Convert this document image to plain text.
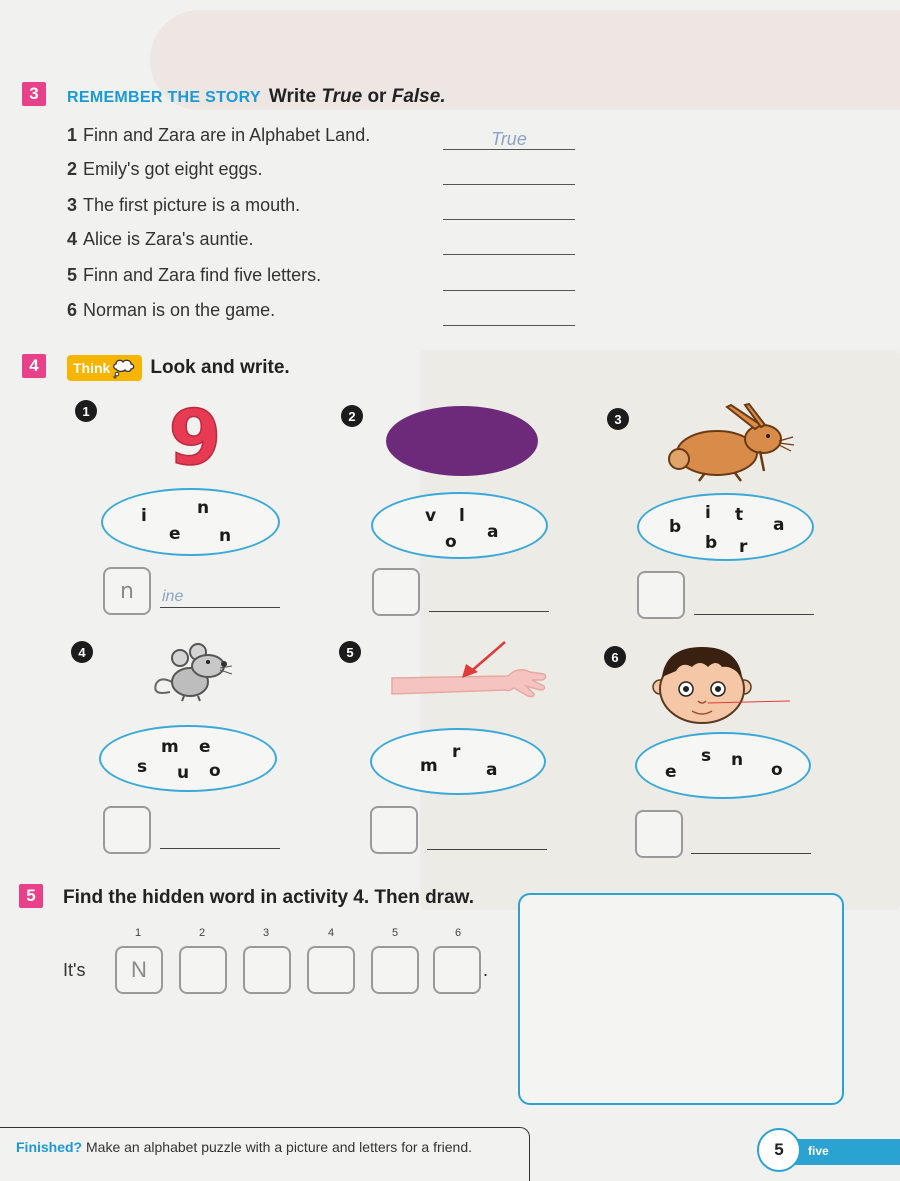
3	REMEMBER THE STORY Write True or False.
1 Finn and Zara are in Alphabet Land.	True
2 Emily's got eight eggs.
3 The first picture is a mouth.
4 Alice is Zara's auntie.
5 Finn and Zara find five letters.
6 Norman is on the game.
4	Think Look and write.
1 9
i	n
e n
n	ine
2
v l
o a
3
b
i t a
b r
4
m e
s u o
5
m
r
a
6
e
s n o
5	Find the hidden word in activity 4. Then draw.
It's
1
N
2	3	4	5	6
.
Finished? Make an alphabet puzzle with a picture and letters for a friend.	5	five
